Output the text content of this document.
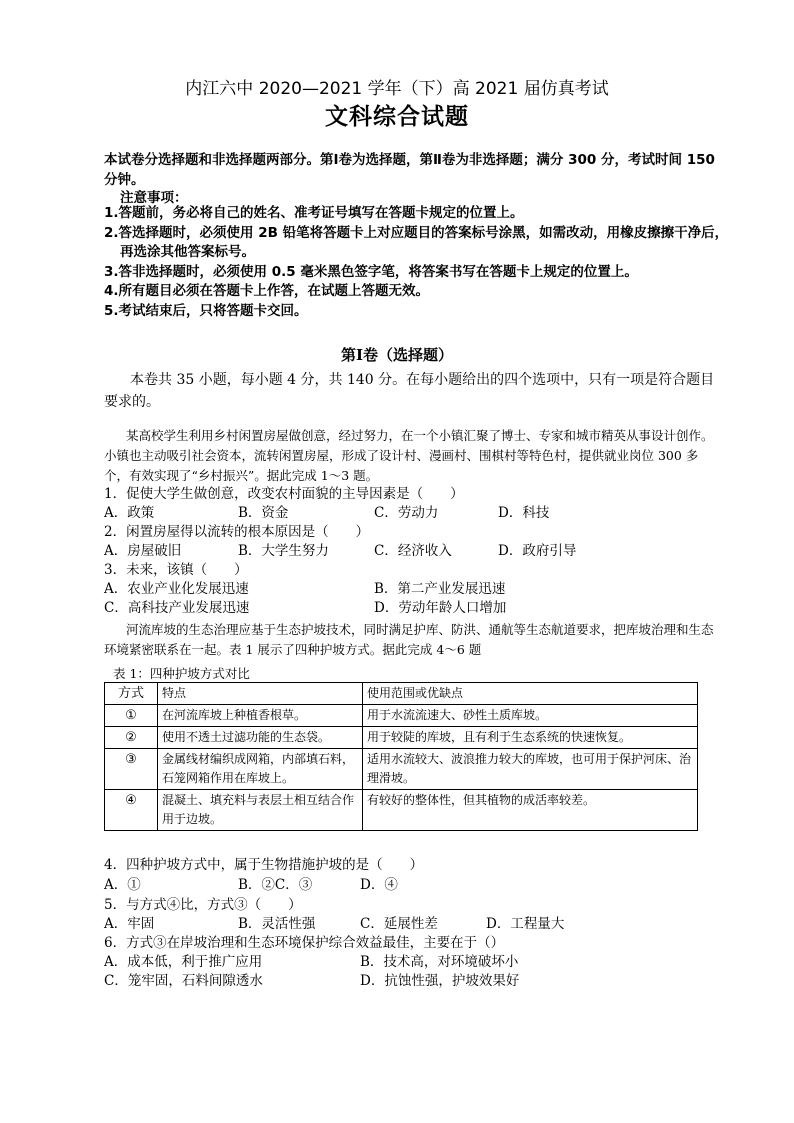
内江六中 2020—2021 学年（下）高 2021 届仿真考试
文科综合试题
本试卷分选择题和非选择题两部分。第Ⅰ卷为选择题，第Ⅱ卷为非选择题；满分 300 分，考试时间 150 分钟。
注意事项：
1.答题前，务必将自己的姓名、准考证号填写在答题卡规定的位置上。
2.答选择题时，必须使用 2B 铅笔将答题卡上对应题目的答案标号涂黑，如需改动，用橡皮擦擦干净后，再选涂其他答案标号。
3.答非选择题时，必须使用 0.5 毫米黑色签字笔，将答案书写在答题卡上规定的位置上。
4.所有题目必须在答题卡上作答，在试题上答题无效。
5.考试结束后，只将答题卡交回。
第Ⅰ卷（选择题）
本卷共 35 小题，每小题 4 分，共 140 分。在每小题给出的四个选项中，只有一项是符合题目要求的。
某高校学生利用乡村闲置房屋做创意，经过努力，在一个小镇汇聚了博士、专家和城市精英从事设计创作。小镇也主动吸引社会资本，流转闲置房屋，形成了设计村、漫画村、围棋村等特色村，提供就业岗位 300 多个，有效实现了“乡村振兴”。据此完成 1～3 题。
1．促使大学生做创意，改变农村面貌的主导因素是（　　）
A．政策	B．资金	C．劳动力	D．科技
2．闲置房屋得以流转的根本原因是（　　）
A．房屋破旧	B．大学生努力	C．经济收入	D．政府引导
3．未来，该镇（　　）
A．农业产业化发展迅速	B．第二产业发展迅速
C．高科技产业发展迅速	D．劳动年龄人口增加
河流库坡的生态治理应基于生态护坡技术，同时满足护库、防洪、通航等生态航道要求，把库坡治理和生态环境紧密联系在一起。表 1 展示了四种护坡方式。据此完成 4～6 题
表 1：四种护坡方式对比
方式	特点	使用范围或优缺点
①	在河流库坡上种植香根草。	用于水流流速大、砂性土质库坡。
②	使用不透土过滤功能的生态袋。	用于较陡的库坡，且有利于生态系统的快速恢复。
③	金属线材编织成网箱，内部填石料，石笼网箱作用在库坡上。	适用水流较大、波浪推力较大的库坡，也可用于保护河床、治理滑坡。
④	混凝土、填充料与表层土相互结合作用于边坡。	有较好的整体性，但其植物的成活率较差。
4．四种护坡方式中，属于生物措施护坡的是（　　）
A．①	B．②C．③	D．④
5．与方式④比，方式③（　　）
A．牢固	B．灵活性强	C．延展性差	D．工程量大
6．方式③在岸坡治理和生态环境保护综合效益最佳，主要在于（）
A．成本低，利于推广应用	B．技术高，对环境破坏小
C．笼牢固，石料间隙透水	D．抗蚀性强，护坡效果好
